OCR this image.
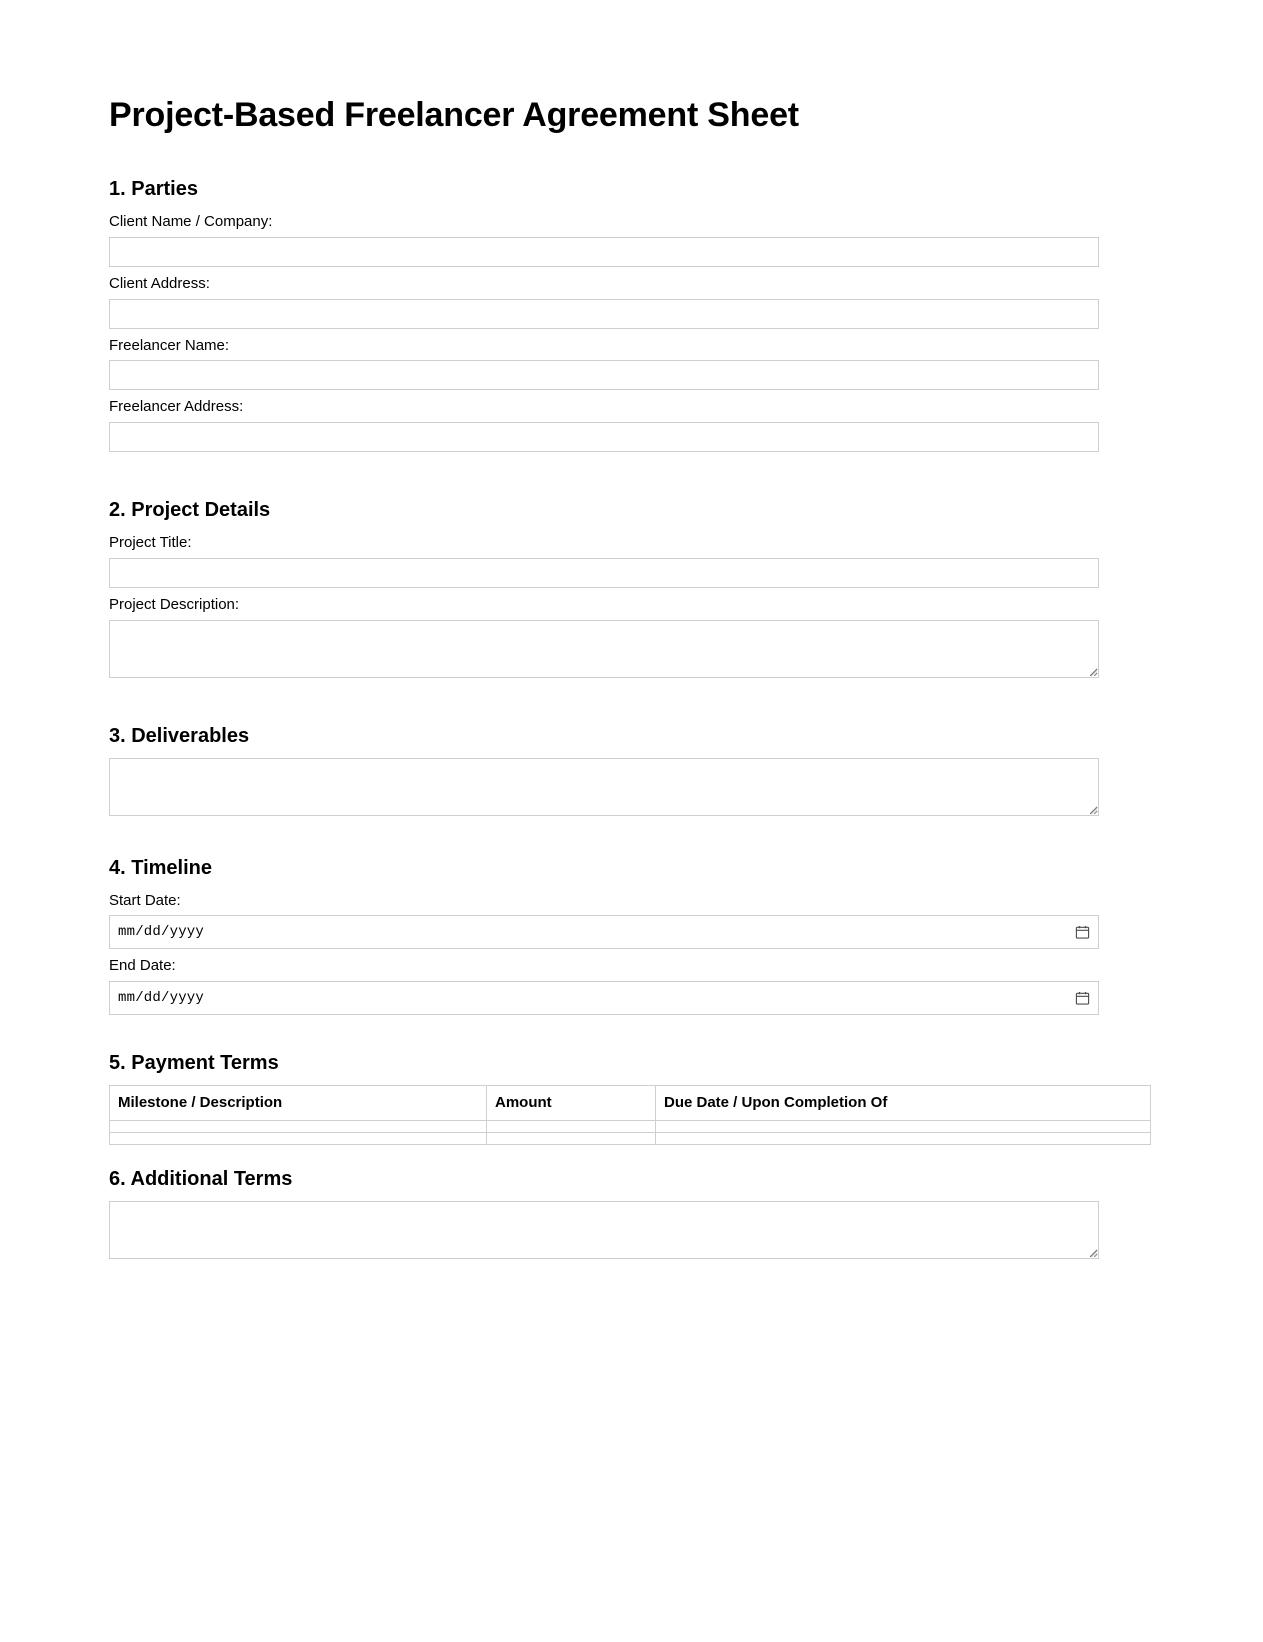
Project-Based Freelancer Agreement Sheet
1. Parties
Client Name / Company:
Client Address:
Freelancer Name:
Freelancer Address:
2. Project Details
Project Title:
Project Description:
3. Deliverables
4. Timeline
Start Date:
mm/dd/yyyy
End Date:
mm/dd/yyyy
5. Payment Terms
Milestone / Description	Amount	Due Date / Upon Completion Of

6. Additional Terms
